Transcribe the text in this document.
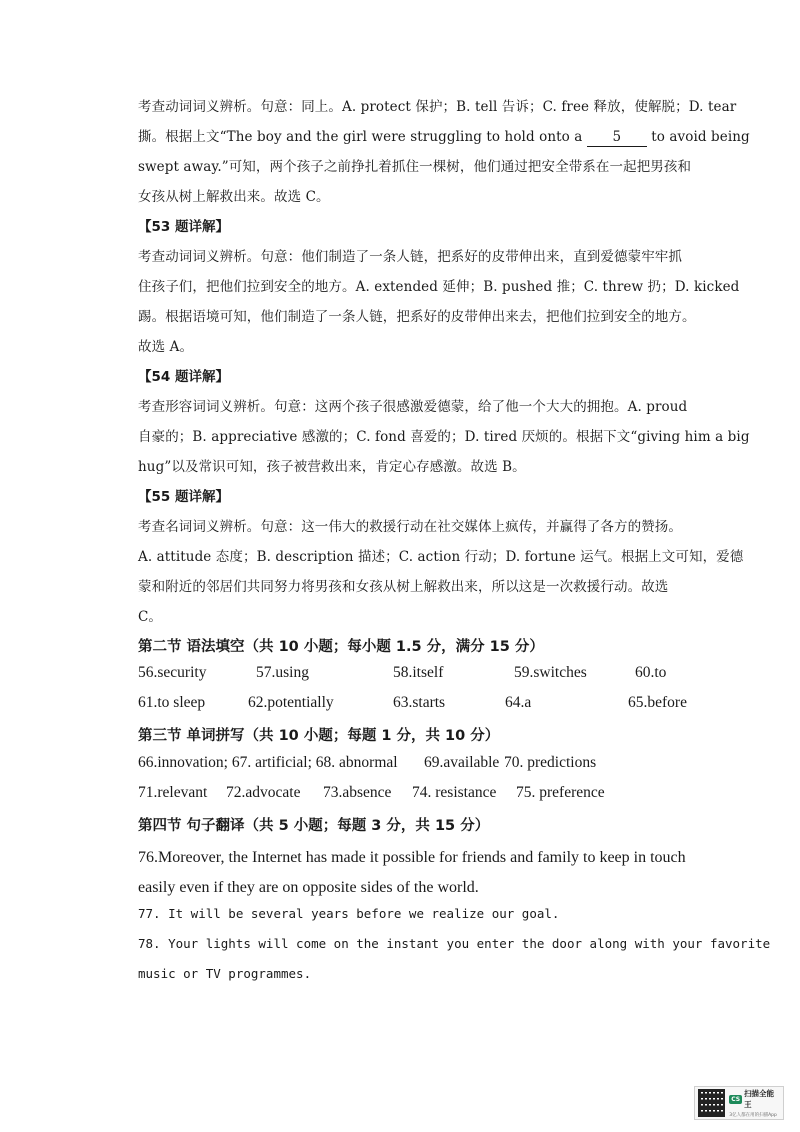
考查动词词义辨析。句意：同上。A. protect 保护；B. tell 告诉；C. free 释放，使解脱；D. tear

撕。根据上文“The boy and the girl were struggling to hold onto a 5 to avoid being

swept away.”可知，两个孩子之前挣扎着抓住一棵树，他们通过把安全带系在一起把男孩和

女孩从树上解救出来。故选 C。

【53 题详解】

考查动词词义辨析。句意：他们制造了一条人链，把系好的皮带伸出来，直到爱德蒙牢牢抓

住孩子们，把他们拉到安全的地方。A. extended 延伸；B. pushed 推；C. threw 扔；D. kicked

踢。根据语境可知，他们制造了一条人链，把系好的皮带伸出来去，把他们拉到安全的地方。

故选 A。

【54 题详解】

考查形容词词义辨析。句意：这两个孩子很感激爱德蒙，给了他一个大大的拥抱。A. proud

自豪的；B. appreciative 感激的；C. fond 喜爱的；D. tired 厌烦的。根据下文“giving him a big

hug”以及常识可知，孩子被营救出来，肯定心存感激。故选 B。

【55 题详解】

考查名词词义辨析。句意：这一伟大的救援行动在社交媒体上疯传，并赢得了各方的赞扬。

A. attitude 态度；B. description 描述；C. action 行动；D. fortune 运气。根据上文可知，爱德

蒙和附近的邻居们共同努力将男孩和女孩从树上解救出来，所以这是一次救援行动。故选

C。

第二节 语法填空（共 10 小题；每小题 1.5 分，满分 15 分）
56.security	57.using	58.itself	59.switches	60.to
61.to sleep	62.potentially	63.starts	64.a	65.before
第三节 单词拼写（共 10 小题；每题 1 分，共 10 分）
66.innovation; 67. artificial; 68. abnormal 69.available 70. predictions
71.relevant 72.advocate 73.absence 74. resistance 75. preference
第四节 句子翻译（共 5 小题；每题 3 分，共 15 分）

76.Moreover, the Internet has made it possible for friends and family to keep in touch

easily even if they are on opposite sides of the world.

77. It will be several years before we realize our goal.

78. Your lights will come on the instant you enter the door along with your favorite

music or TV programmes.

CS
扫描全能王
3亿人都在用的扫描App
